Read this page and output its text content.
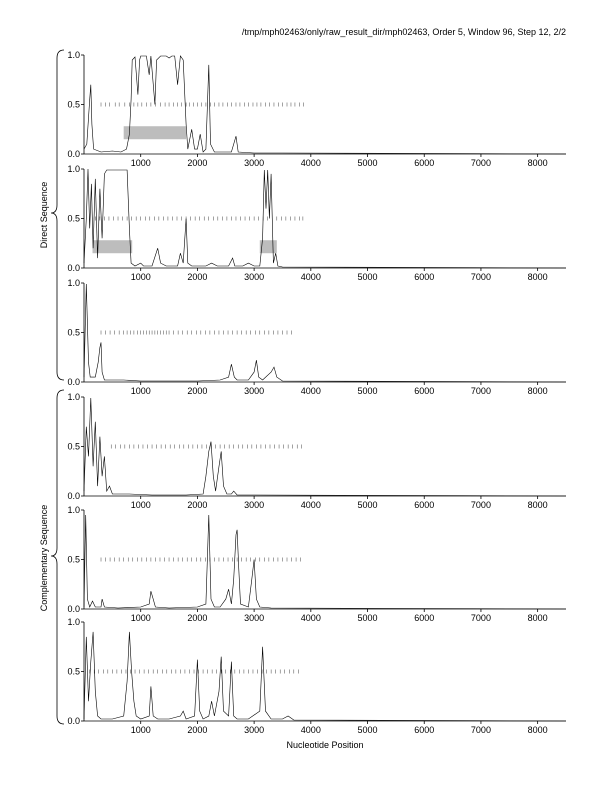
/tmp/mph02463/only/raw_result_dir/mph02463, Order 5, Window 96, Step 12, 2/2
Direct Sequence
Complementary Sequence
0.0
0.5
1.0
1000	2000	3000	4000	5000	6000	7000	8000
0.0
0.5
1.0
1000	2000	3000	4000	5000	6000	7000	8000
0.0
0.5
1.0
1000	2000	3000	4000	5000	6000	7000	8000
0.0
0.5
1.0
1000	2000	3000	4000	5000	6000	7000	8000
0.0
0.5
1.0
1000	2000	3000	4000	5000	6000	7000	8000
0.0
0.5
1.0
1000	2000	3000	4000	5000	6000	7000	8000
Nucleotide Position
